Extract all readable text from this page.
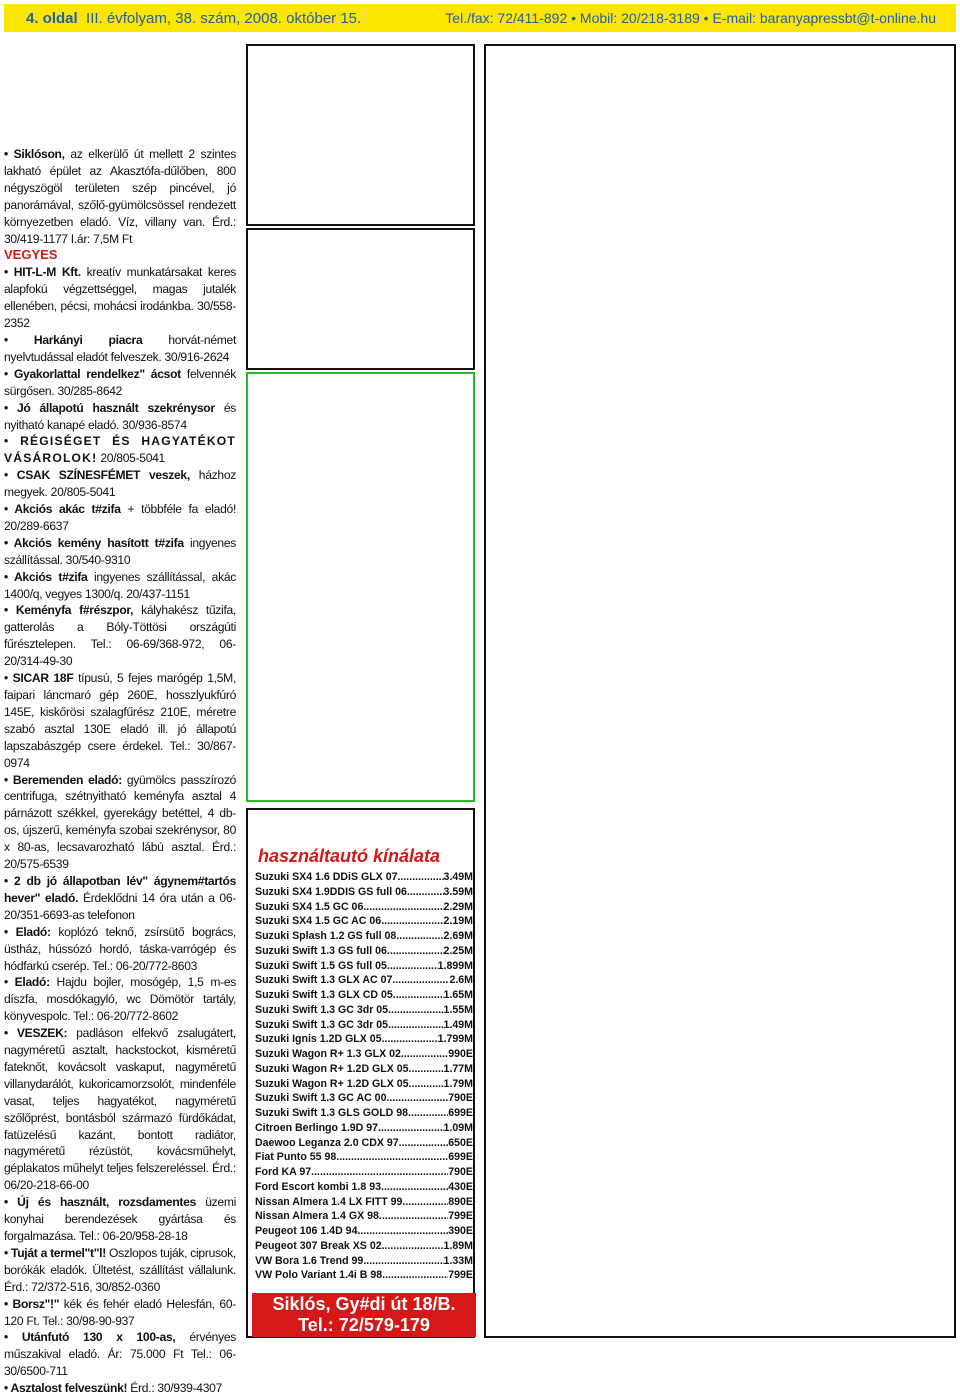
4. oldal III. évfolyam, 38. szám, 2008. október 15.	Tel./fax: 72/411-892 • Mobil: 20/218-3189 • E-mail: baranyapressbt@t-online.hu

• Siklóson, az elkerülő út mellett 2 szintes lakható épület az Akasztófa-dűlőben, 800 négyszögöl területen szép pincével, jó panorámával, szőlő-gyümölcsössel rendezett környezetben eladó. Víz, villany van. Érd.: 30/419-1177 I.ár: 7,5M Ft

VEGYES

• HIT-L-M Kft. kreatív munkatársakat keres alapfokú végzettséggel, magas jutalék ellenében, pécsi, mohácsi irodánkba. 30/558-2352

• Harkányi piacra horvát-német nyelvtudással eladót felveszek. 30/916-2624

• Gyakorlattal rendelkez" ácsot felvennék sürgősen. 30/285-8642

• Jó állapotú használt szekrénysor és nyitható kanapé eladó. 30/936-8574

• RÉGISÉGET ÉS HAGYATÉKOT VÁSÁROLOK! 20/805-5041

• CSAK SZÍNESFÉMET veszek, házhoz megyek. 20/805-5041

• Akciós akác t#zifa + többféle fa eladó! 20/289-6637

• Akciós kemény hasított t#zifa ingyenes szállítással. 30/540-9310

• Akciós t#zifa ingyenes szállítással, akác 1400/q, vegyes 1300/q. 20/437-1151

• Keményfa f#részpor, kályhakész tűzifa, gatterolás a Bóly-Töttösi országúti fűrésztelepen. Tel.: 06-69/368-972, 06-20/314-49-30

• SICAR 18F típusú, 5 fejes marógép 1,5M, faipari láncmaró gép 260E, hosszlyukfúró 145E, kiskőrösi szalagfűrész 210E, méretre szabó asztal 130E eladó ill. jó állapotú lapszabászgép csere érdekel. Tel.: 30/867-0974

• Beremenden eladó: gyümölcs passzírozó centrifuga, szétnyitható keményfa asztal 4 párnázott székkel, gyerekágy betéttel, 4 db-os, újszerű, keményfa szobai szekrénysor, 80 x 80-as, lecsavarozható lábú asztal. Érd.: 20/575-6539

• 2 db jó állapotban lév" ágynem#tartós hever" eladó. Érdeklődni 14 óra után a 06-20/351-6693-as telefonon

• Eladó: koplózó teknő, zsírsütő bogrács, üstház, hússózó hordó, táska-varrógép és hódfarkú cserép. Tel.: 06-20/772-8603

• Eladó: Hajdu bojler, mosógép, 1,5 m-es díszfa, mosdókagyló, wc Dömötör tartály, könyvespolc. Tel.: 06-20/772-8602

• VESZEK: padláson elfekvő zsalugátert, nagyméretű asztalt, hackstockot, kisméretű fateknőt, kovácsolt vaskaput, nagyméretű villanydarálót, kukoricamorzsolót, mindenféle vasat, teljes hagyatékot, nagyméretű szőlőprést, bontásból származó fürdőkádat, fatüzelésű kazánt, bontott radiátor, nagyméretű rézüstöt, kovácsműhelyt, géplakatos műhelyt teljes felszereléssel. Érd.: 06/20-218-66-00

• Új és használt, rozsdamentes üzemi konyhai berendezések gyártása és forgalmazása. Tel.: 06-20/958-28-18

• Tuját a termel"t"l! Oszlopos tuják, ciprusok, borókák eladók. Ültetést, szállítást vállalunk. Érd.: 72/372-516, 30/852-0360

• Borsz"!" kék és fehér eladó Helesfán, 60-120 Ft. Tel.: 30/98-90-937

• Utánfutó 130 x 100-as, érvényes műszakival eladó. Ár: 75.000 Ft Tel.: 06-30/6500-711

• Asztalost felveszünk! Érd.: 30/939-4307

használtautó kínálata
Suzuki SX4 1.6 DDiS GLX 07. .....	3.49M
Suzuki SX4 1.9DDIS GS full 06. .....	3.59M
Suzuki SX4 1.5 GC 06. .....	2.29M
Suzuki SX4 1.5 GC AC 06. .....	2.19M
Suzuki Splash 1.2 GS full 08. .....	2.69M
Suzuki Swift 1.3 GS full 06. .....	2.25M
Suzuki Swift 1.5 GS full 05. .....	1.899M
Suzuki Swift 1.3 GLX AC 07. .....	2.6M
Suzuki Swift 1.3 GLX CD 05. .....	1.65M
Suzuki Swift 1.3 GC 3dr 05. .....	1.55M
Suzuki Swift 1.3 GC 3dr 05. .....	1.49M
Suzuki Ignis 1.2D GLX 05. .....	1.799M
Suzuki Wagon R+ 1.3 GLX 02. .....	990E
Suzuki Wagon R+ 1.2D GLX 05. .....	1.77M
Suzuki Wagon R+ 1.2D GLX 05. .....	1.79M
Suzuki Swift 1.3 GC AC 00. .....	790E
Suzuki Swift 1.3 GLS GOLD 98. .....	699E
Citroen Berlingo 1.9D 97. .....	1.09M
Daewoo Leganza 2.0 CDX 97. .....	650E
Fiat Punto 55 98. .....	699E
Ford KA 97. .....	790E
Ford Escort kombi 1.8 93. .....	430E
Nissan Almera 1.4 LX FITT 99. .....	890E
Nissan Almera 1.4 GX 98. .....	799E
Peugeot 106 1.4D 94. .....	390E
Peugeot 307 Break XS 02. .....	1.89M
VW Bora 1.6 Trend 99. .....	1.33M
VW Polo Variant 1.4i B 98. .....	799E
Siklós, Gy#di út 18/B.
Tel.: 72/579-179
